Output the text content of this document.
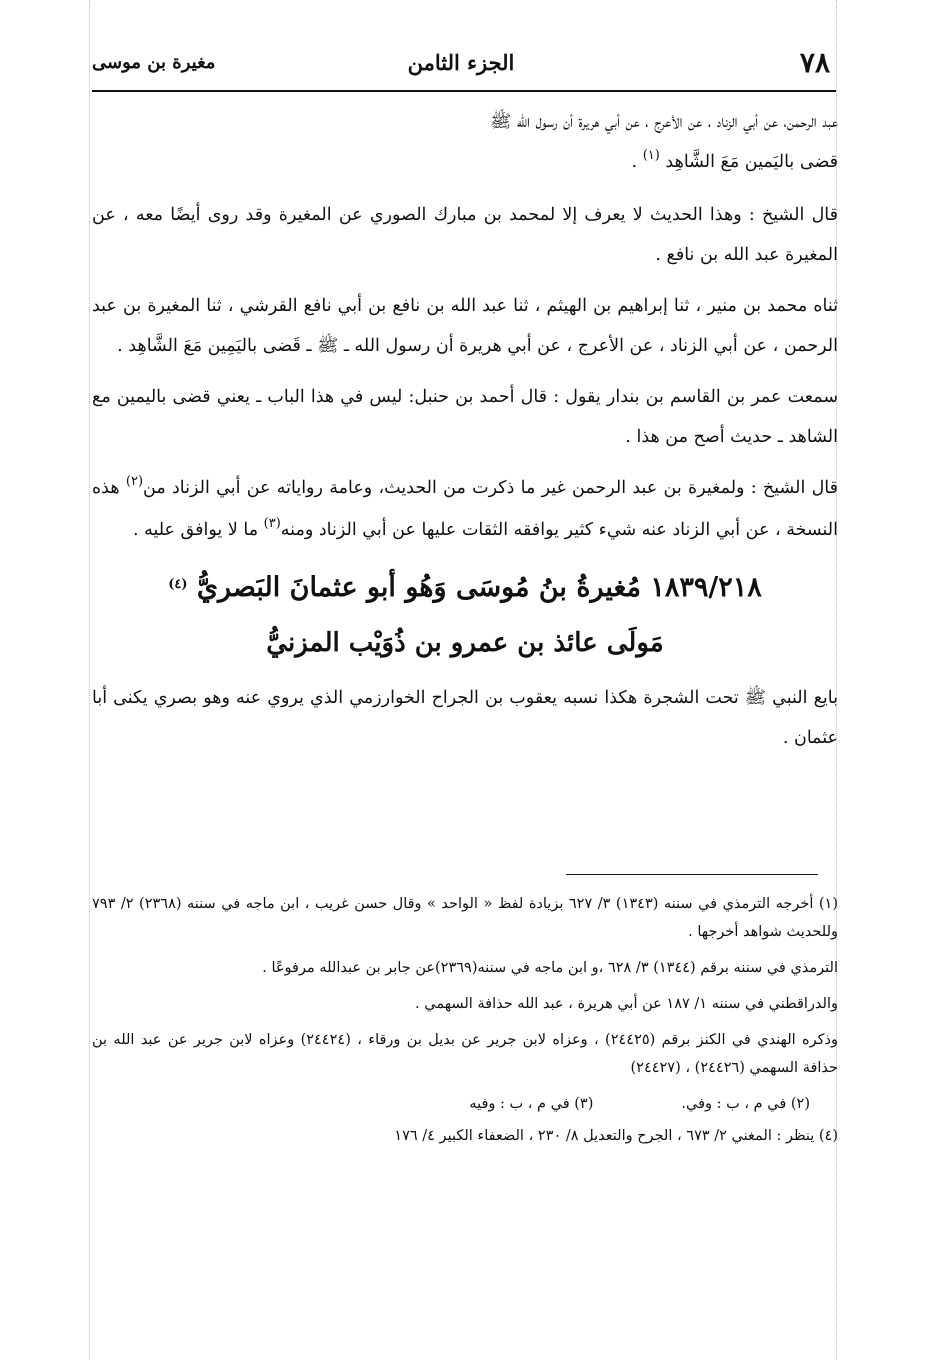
٧٨
الجزء الثامن
مغيرة بن موسى

عبد الرحمن، عن أبي الزناد ، عن الأعرج ، عن أبي هريرة أن رسول الله ﷺ
قضى باليَمين مَعَ الشَّاهِد $^{(١)}$ .

قال الشيخ : وهذا الحديث لا يعرف إلا لمحمد بن مبارك الصوري عن المغيرة وقد روى أيضًا معه ، عن المغيرة عبد الله بن نافع .

ثناه محمد بن منير ، ثنا إبراهيم بن الهيثم ، ثنا عبد الله بن نافع بن أبي نافع القرشي ، ثنا المغيرة بن عبد الرحمن ، عن أبي الزناد ، عن الأعرج ، عن أبي هريرة أن رسول الله ـ ﷺ ـ قَضى باليَمِين مَعَ الشَّاهِد .

سمعت عمر بن القاسم بن بندار يقول : قال أحمد بن حنبل: ليس في هذا الباب ـ يعني قضى باليمين مع الشاهد ـ حديث أصح من هذا .

قال الشيخ : ولمغيرة بن عبد الرحمن غير ما ذكرت من الحديث، وعامة رواياته عن أبي الزناد من$^{(٢)}$ هذه النسخة ، عن أبي الزناد عنه شيء كثير يوافقه الثقات عليها عن أبي الزناد ومنه$^{(٣)}$ ما لا يوافق عليه .

١٨٣٩/٢١٨ مُغيرةُ بنُ مُوسَى وَهُو أبو عثمانَ البَصريُّ $^{(٤)}$
مَولَى عائذ بن عمرو بن ذُوَيْب المزنيُّ

بايع النبي ﷺ تحت الشجرة هكذا نسبه يعقوب بن الجراح الخوارزمي الذي يروي عنه وهو بصري يكنى أبا عثمان .

(١) أخرجه الترمذي في سننه (١٣٤٣) ٣/ ٦٢٧ بزيادة لفظ « الواحد » وقال حسن غريب ، ابن ماجه في سننه (٢٣٦٨) ٢/ ٧٩٣ وللحديث شواهد أخرجها .

الترمذي في سننه برقم (١٣٤٤) ٣/ ٦٢٨ ،و ابن ماجه في سننه(٢٣٦٩)عن جابر بن عبدالله مرفوعًا .

والدراقطني في سننه ١/ ١٨٧ عن أبي هريرة ، عبد الله حذافة السهمي .

وذكره الهندي في الكنز برقم (٢٤٤٢٥) ، وعزاه لابن جرير عن بديل بن ورقاء ، (٢٤٤٢٤) وعزاه لابن جرير عن عبد الله بن حذافة السهمي (٢٤٤٢٦) ، (٢٤٤٢٧)

(٢) في م ، ب : وفي.
(٣) في م ، ب : وفيه

(٤) ينظر : المغني ٢/ ٦٧٣ ، الجرح والتعديل ٨/ ٢٣٠ ، الضعفاء الكبير ٤/ ١٧٦
